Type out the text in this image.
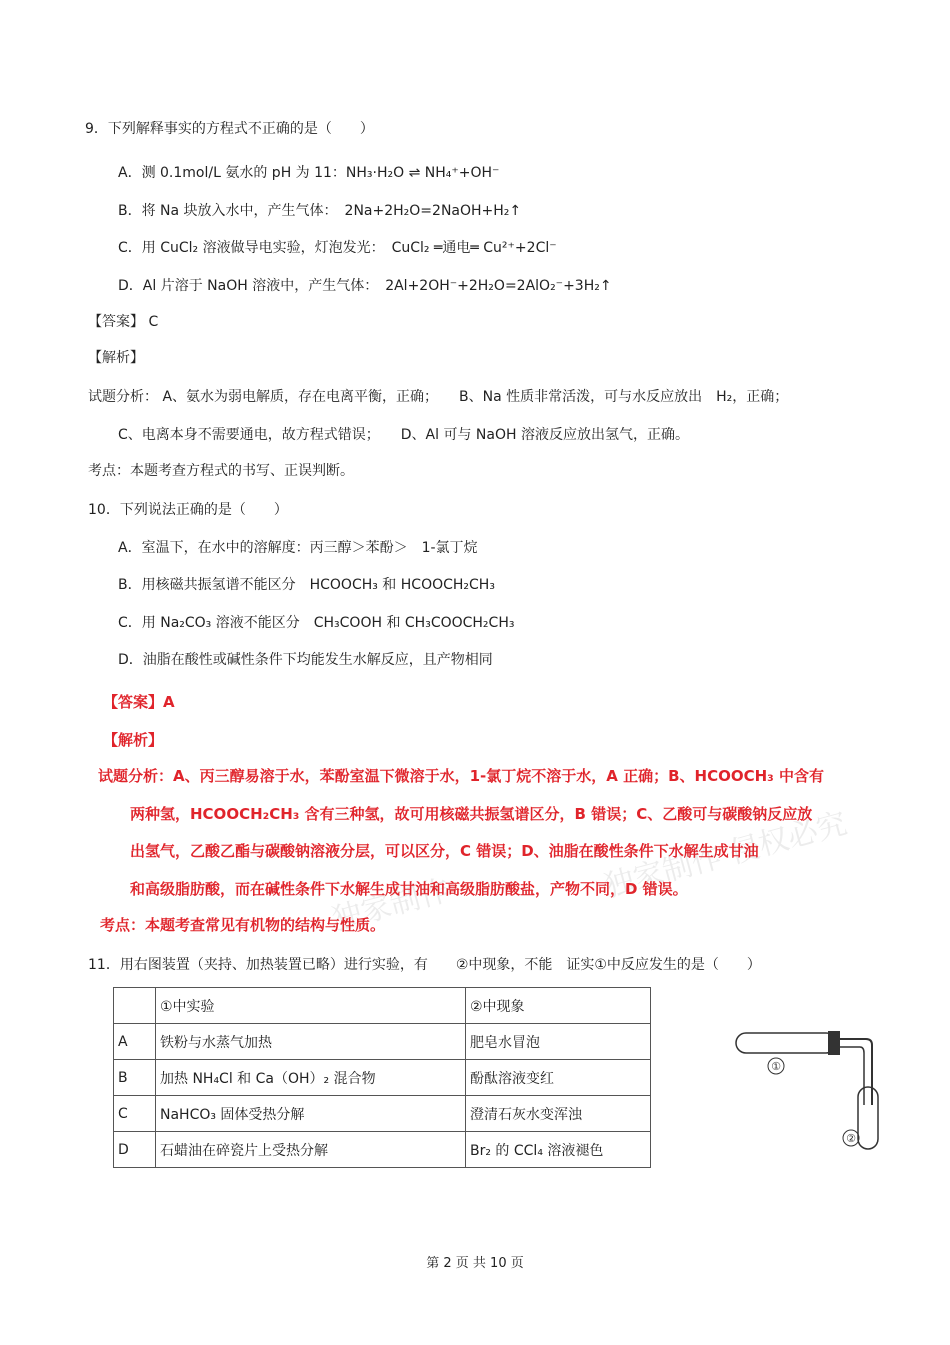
9．下列解释事实的方程式不正确的是（　　）
A．测 0.1mol/L 氨水的 pH 为 11：NH₃·H₂O ⇌ NH₄⁺+OH⁻
B．将 Na 块放入水中，产生气体：　2Na+2H₂O=2NaOH+H₂↑
C．用 CuCl₂ 溶液做导电实验，灯泡发光：　CuCl₂ ═通电═ Cu²⁺+2Cl⁻
D．Al 片溶于 NaOH 溶液中，产生气体：　2Al+2OH⁻+2H₂O=2AlO₂⁻+3H₂↑
【答案】 C
【解析】
试题分析： A、氨水为弱电解质，存在电离平衡，正确；　　B、Na 性质非常活泼，可与水反应放出　H₂，正确；
C、电离本身不需要通电，故方程式错误；　　D、Al 可与 NaOH 溶液反应放出氢气，正确。
考点：本题考查方程式的书写、正误判断。
10．下列说法正确的是（　　）
A．室温下，在水中的溶解度：丙三醇＞苯酚＞　1-氯丁烷
B．用核磁共振氢谱不能区分　HCOOCH₃ 和 HCOOCH₂CH₃
C．用 Na₂CO₃ 溶液不能区分　CH₃COOH 和 CH₃COOCH₂CH₃
D．油脂在酸性或碱性条件下均能发生水解反应，且产物相同
独家制作 侵权必究
独家制作
【答案】A
【解析】
试题分析：A、丙三醇易溶于水，苯酚室温下微溶于水，1-氯丁烷不溶于水，A 正确；B、HCOOCH₃ 中含有
两种氢，HCOOCH₂CH₃ 含有三种氢，故可用核磁共振氢谱区分，B 错误；C、乙酸可与碳酸钠反应放
出氢气，乙酸乙酯与碳酸钠溶液分层，可以区分，C 错误；D、油脂在酸性条件下水解生成甘油
和高级脂肪酸，而在碱性条件下水解生成甘油和高级脂肪酸盐，产物不同，D 错误。
考点：本题考查常见有机物的结构与性质。
11．用右图装置（夹持、加热装置已略）进行实验，有　　②中现象，不能　证实①中反应发生的是（　　）
	①中实验	②中现象
A	铁粉与水蒸气加热	肥皂水冒泡
B	加热 NH₄Cl 和 Ca（OH）₂ 混合物	酚酞溶液变红
C	NaHCO₃ 固体受热分解	澄清石灰水变浑浊
D	石蜡油在碎瓷片上受热分解	Br₂ 的 CCl₄ 溶液褪色
①
②
第 2 页 共 10 页
